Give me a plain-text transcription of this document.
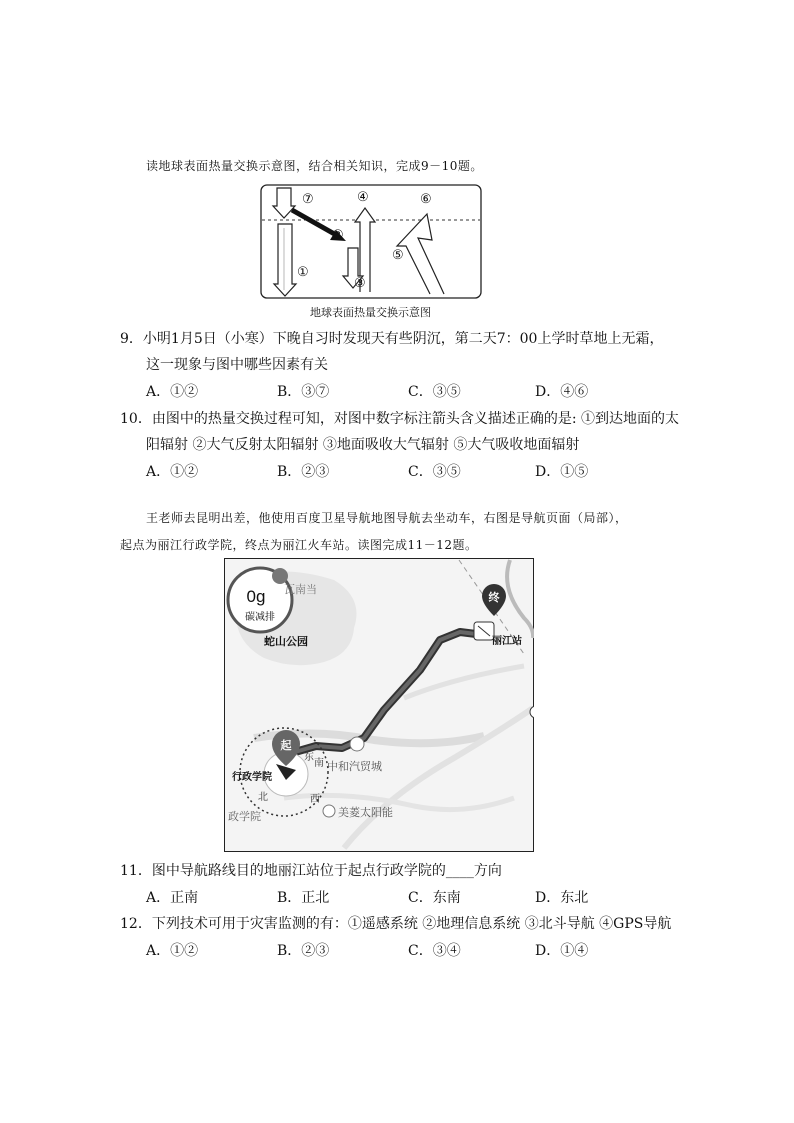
读地球表面热量交换示意图，结合相关知识，完成9－10题。
⑦	④	⑥
②
⑤
①
③
地球表面热量交换示意图
9．小明1月5日（小寒）下晚自习时发现天有些阴沉，第二天7：00上学时草地上无霜，
这一现象与图中哪些因素有关
A．①②	B．③⑦	C．③⑤	D．④⑥
10．由图中的热量交换过程可知，对图中数字标注箭头含义描述正确的是: ①到达地面的太
阳辐射 ②大气反射太阳辐射 ③地面吸收大气辐射 ⑤大气吸收地面辐射
A．①②	B．②③	C．③⑤	D．①⑤
王老师去昆明出差，他使用百度卫星导航地图导航去坐动车，右图是导航页面（局部），
起点为丽江行政学院，终点为丽江火车站。读图完成11－12题。
终
丽江站
0g
碳减排
瓦南当
蛇山公园
东
南
西
北
起
行政学院
中和汽贸城
美菱太阳能
政学院
11．图中导航路线目的地丽江站位于起点行政学院的____方向
A．正南	B．正北	C．东南	D．东北
12．下列技术可用于灾害监测的有：①遥感系统 ②地理信息系统 ③北斗导航 ④GPS导航
A．①②	B．②③	C．③④	D．①④
